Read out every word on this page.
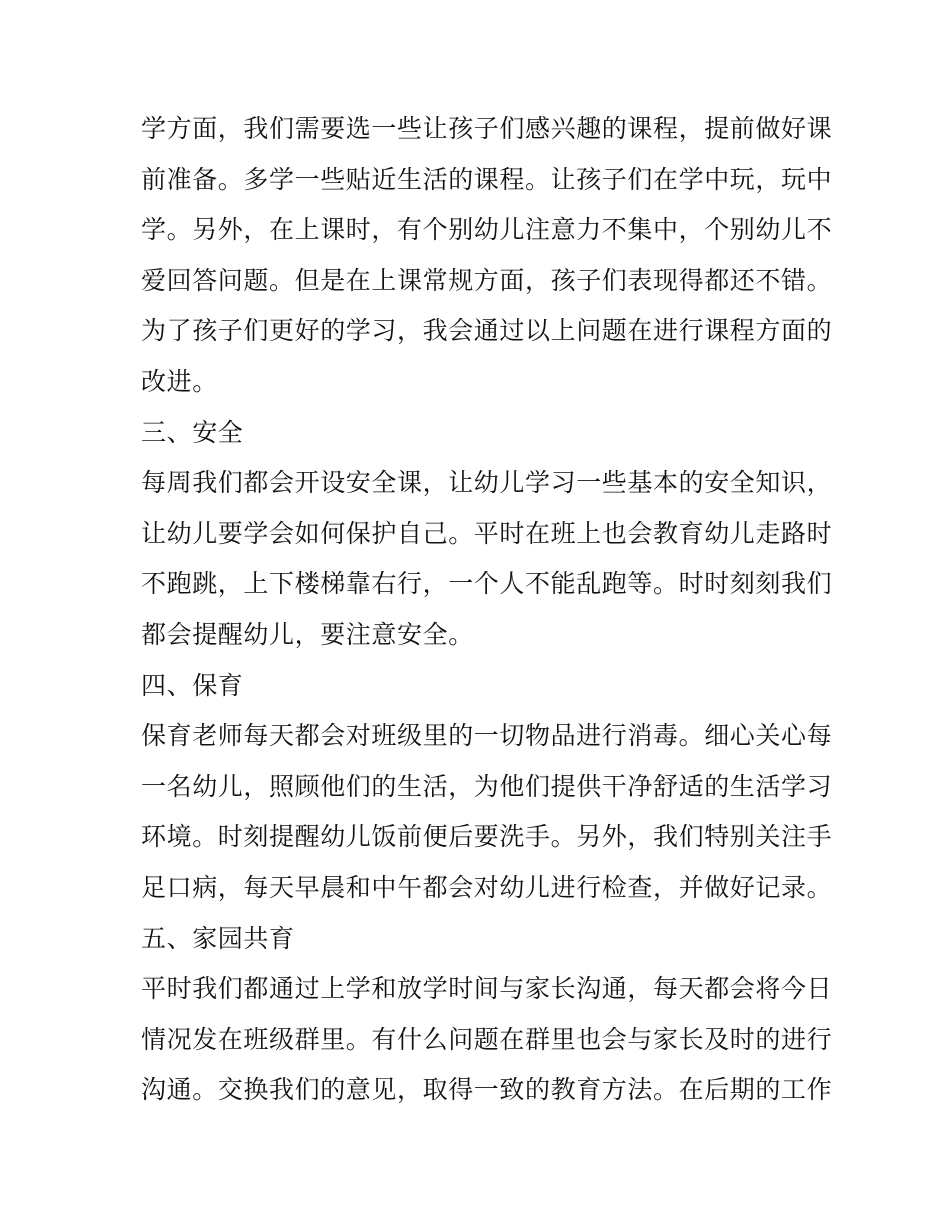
学方面，我们需要选一些让孩子们感兴趣的课程，提前做好课
前准备。多学一些贴近生活的课程。让孩子们在学中玩，玩中
学。另外，在上课时，有个别幼儿注意力不集中，个别幼儿不
爱回答问题。但是在上课常规方面，孩子们表现得都还不错。
为了孩子们更好的学习，我会通过以上问题在进行课程方面的
改进。
三、安全
每周我们都会开设安全课，让幼儿学习一些基本的安全知识，
让幼儿要学会如何保护自己。平时在班上也会教育幼儿走路时
不跑跳，上下楼梯靠右行，一个人不能乱跑等。时时刻刻我们
都会提醒幼儿，要注意安全。
四、保育
保育老师每天都会对班级里的一切物品进行消毒。细心关心每
一名幼儿，照顾他们的生活，为他们提供干净舒适的生活学习
环境。时刻提醒幼儿饭前便后要洗手。另外，我们特别关注手
足口病，每天早晨和中午都会对幼儿进行检查，并做好记录。
五、家园共育
平时我们都通过上学和放学时间与家长沟通，每天都会将今日
情况发在班级群里。有什么问题在群里也会与家长及时的进行
沟通。交换我们的意见，取得一致的教育方法。在后期的工作
